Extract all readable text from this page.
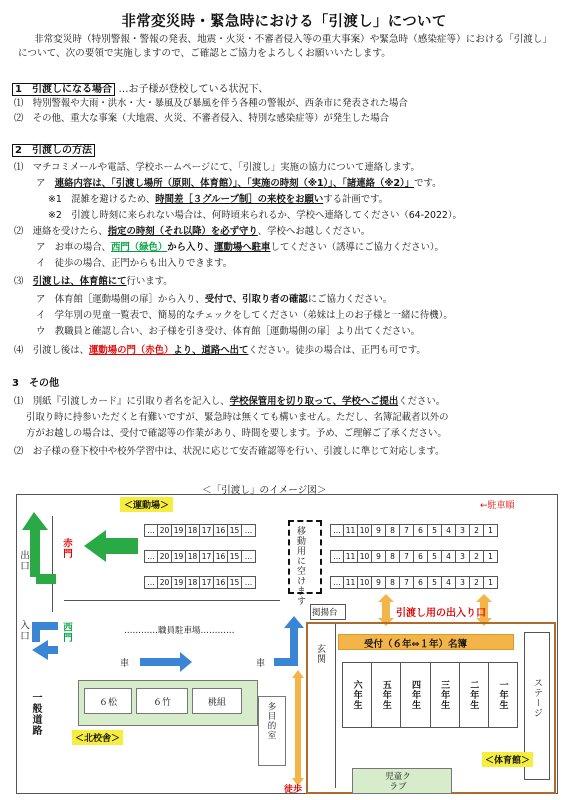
非常変災時・緊急時における「引渡し」について
非常変災時（特別警報・警報の発表、地震・火災・不審者侵入等の重大事案）や緊急時（感染症等）における「引渡し」について、次の要領で実施しますので、ご確認とご協力をよろしくお願いいたします。
1　引渡しになる場合 …お子様が登校している状況下、
⑴　特別警報や大雨・洪水・大・暴風及び暴風を伴う各種の警報が、西条市に発表された場合
⑵　その他、重大な事案（大地震、火災、不審者侵入、特別な感染症等）が発生した場合
2　引渡しの方法
⑴　マチコミメールや電話、学校ホームページにて、「引渡し」実施の協力について連絡します。
ア　連絡内容は、「引渡し場所（原則、体育館）」、「実施の時刻（※1）」、「諸連絡（※2）」です。
※1　混雑を避けるため、時間差［３グループ制］の来校をお願いする計画です。
※2　引渡し時刻に来られない場合は、何時頃来られるか、学校へ連絡してください（64-2022）。
⑵　連絡を受けたら、指定の時刻（それ以降）を必ず守り、学校へお越しください。
ア　お車の場合、西門（緑色）から入り、運動場へ駐車してください（誘導にご協力ください）。
イ　徒歩の場合、正門からも出入りできます。
⑶　引渡しは、体育館にて行います。
ア　体育館［運動場側の扉］から入り、受付で、引取り者の確認にご協力ください。
イ　学年別の児童一覧表で、簡易的なチェックをしてください（弟妹は上のお子様と一緒に待機）。
ウ　教職員と確認し合い、お子様を引き受け、体育館［運動場側の扉］より出てください。
⑷　引渡し後は、運動場の門（赤色）より、道路へ出てください。徒歩の場合は、正門も可です。
3　その他
⑴　別紙『引渡しカード』に引取り者名を記入し、学校保管用を切り取って、学校へご提出ください。
引取り時に持参いただくと有難いですが、緊急時は無くても構いません。ただし、名簿記載者以外の
方がお越しの場合は、受付で確認等の作業があり、時間を要します。予め、ご理解ご了承ください。
⑵　お子様の登下校中や校外学習中は、状況に応じて安否確認等を行い、引渡しに準じて対応します。
＜「引渡し」のイメージ図＞
＜運動場＞	←駐車順
… 20 19 18 17 16 15 …
… 20 19 18 17 16 15 …
… 20 19 18 17 16 15 …
… 11 10 9	8	7	6	5	4	3	2	1
… 11 10 9	8	7	6	5	4	3	2	1
… 11 10 9	8	7	6	5	4	3	2	1
移動用に空けます
赤門
出口
入口	西門
一般道路
…………職員駐車場…………
車	車
掲揚台	引渡し用の出入り口
玄関	受付（６年⇔１年）名簿
ステージ
六年生	五年生	四年生	三年生	二年生	一年生
＜体育館＞
６松	６竹	桃組	多目的室
＜北校舎＞
徒歩
児童クラブ
